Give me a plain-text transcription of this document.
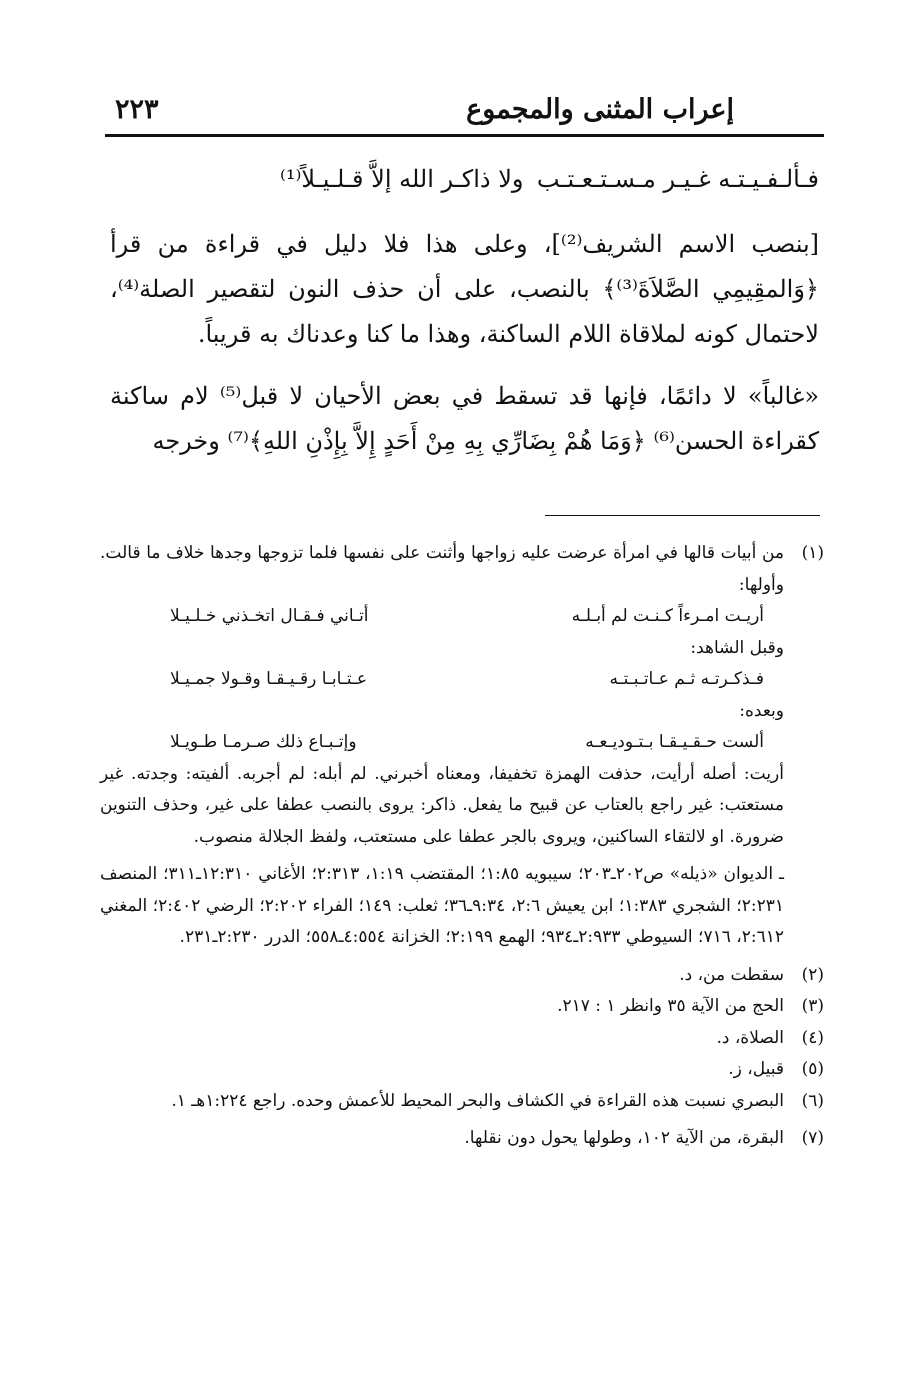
إعراب المثنى والمجموع
٢٢٣
فـألـفـيـتـه غـيـر مـسـتـعـتـب
ولا ذاكـر الله إلاَّ قـلـيـلاً⁽¹⁾
[بنصب الاسم الشريف⁽²⁾]، وعلى هذا فلا دليل في قراءة من قرأ ﴿وَالمقِيمِي الصَّلاَةَ⁽³⁾﴾ بالنصب، على أن حذف النون لتقصير الصلة⁽⁴⁾، لاحتمال كونه لملاقاة اللام الساكنة، وهذا ما كنا وعدناك به قريباً.
«غالباً» لا دائمًا، فإنها قد تسقط في بعض الأحيان لا قبل⁽⁵⁾ لام ساكنة كقراءة الحسن⁽⁶⁾ ﴿وَمَا هُمْ بِضَارِّي بِهِ مِنْ أَحَدٍ إِلاَّ بِإِذْنِ اللهِ﴾⁽⁷⁾ وخرجه
(١)
من أبيات قالها في امرأة عرضت عليه زواجها وأثنت على نفسها فلما تزوجها وجدها خلاف ما قالت. وأولها:
أريـت امـرءاً كـنـت لم أبـلـه
أتـاني فـقـال اتخـذني خـلـيـلا
وقبل الشاهد:
فـذكـرتـه ثـم عـاتـبـتـه
عـتـابـا رقـيـقـا وقـولا جمـيـلا
وبعده:
ألست حـقـيـقـا بـتـوديـعـه
وإتـبـاع ذلك صـرمـا طـويـلا
أريت: أصله أرأيت، حذفت الهمزة تخفيفا، ومعناه أخبرني. لم أبله: لم أجربه. ألفيته: وجدته. غير مستعتب: غير راجع بالعتاب عن قبيح ما يفعل. ذاكر: يروى بالنصب عطفا على غير، وحذف التنوين ضرورة. او لالتقاء الساكنين، ويروى بالجر عطفا على مستعتب، ولفظ الجلالة منصوب.
ـ الديوان «ذيله» ص٢٠٢ـ٢٠٣؛ سيبويه ١:٨٥؛ المقتضب ١:١٩، ٢:٣١٣؛ الأغاني ١٢:٣١٠ـ٣١١؛ المنصف ٢:٢٣١؛ الشجري ١:٣٨٣؛ ابن يعيش ٢:٦، ٩:٣٤ـ٣٦؛ ثعلب: ١٤٩؛ الفراء ٢:٢٠٢؛ الرضي ٢:٤٠٢؛ المغني ٢:٦١٢، ٧١٦؛ السيوطي ٢:٩٣٣ـ٩٣٤؛ الهمع ٢:١٩٩؛ الخزانة ٤:٥٥٤ـ٥٥٨؛ الدرر ٢:٢٣٠ـ٢٣١.
(٢)
سقطت من، د.
(٣)
الحج من الآية ٣٥ وانظر ١ : ٢١٧.
(٤)
الصلاة، د.
(٥)
قبيل، ز.
(٦)
البصري نسبت هذه القراءة في الكشاف والبحر المحيط للأعمش وحده. راجع ١:٢٢٤هـ ١.
(٧)
البقرة، من الآية ١٠٢، وطولها يحول دون نقلها.
